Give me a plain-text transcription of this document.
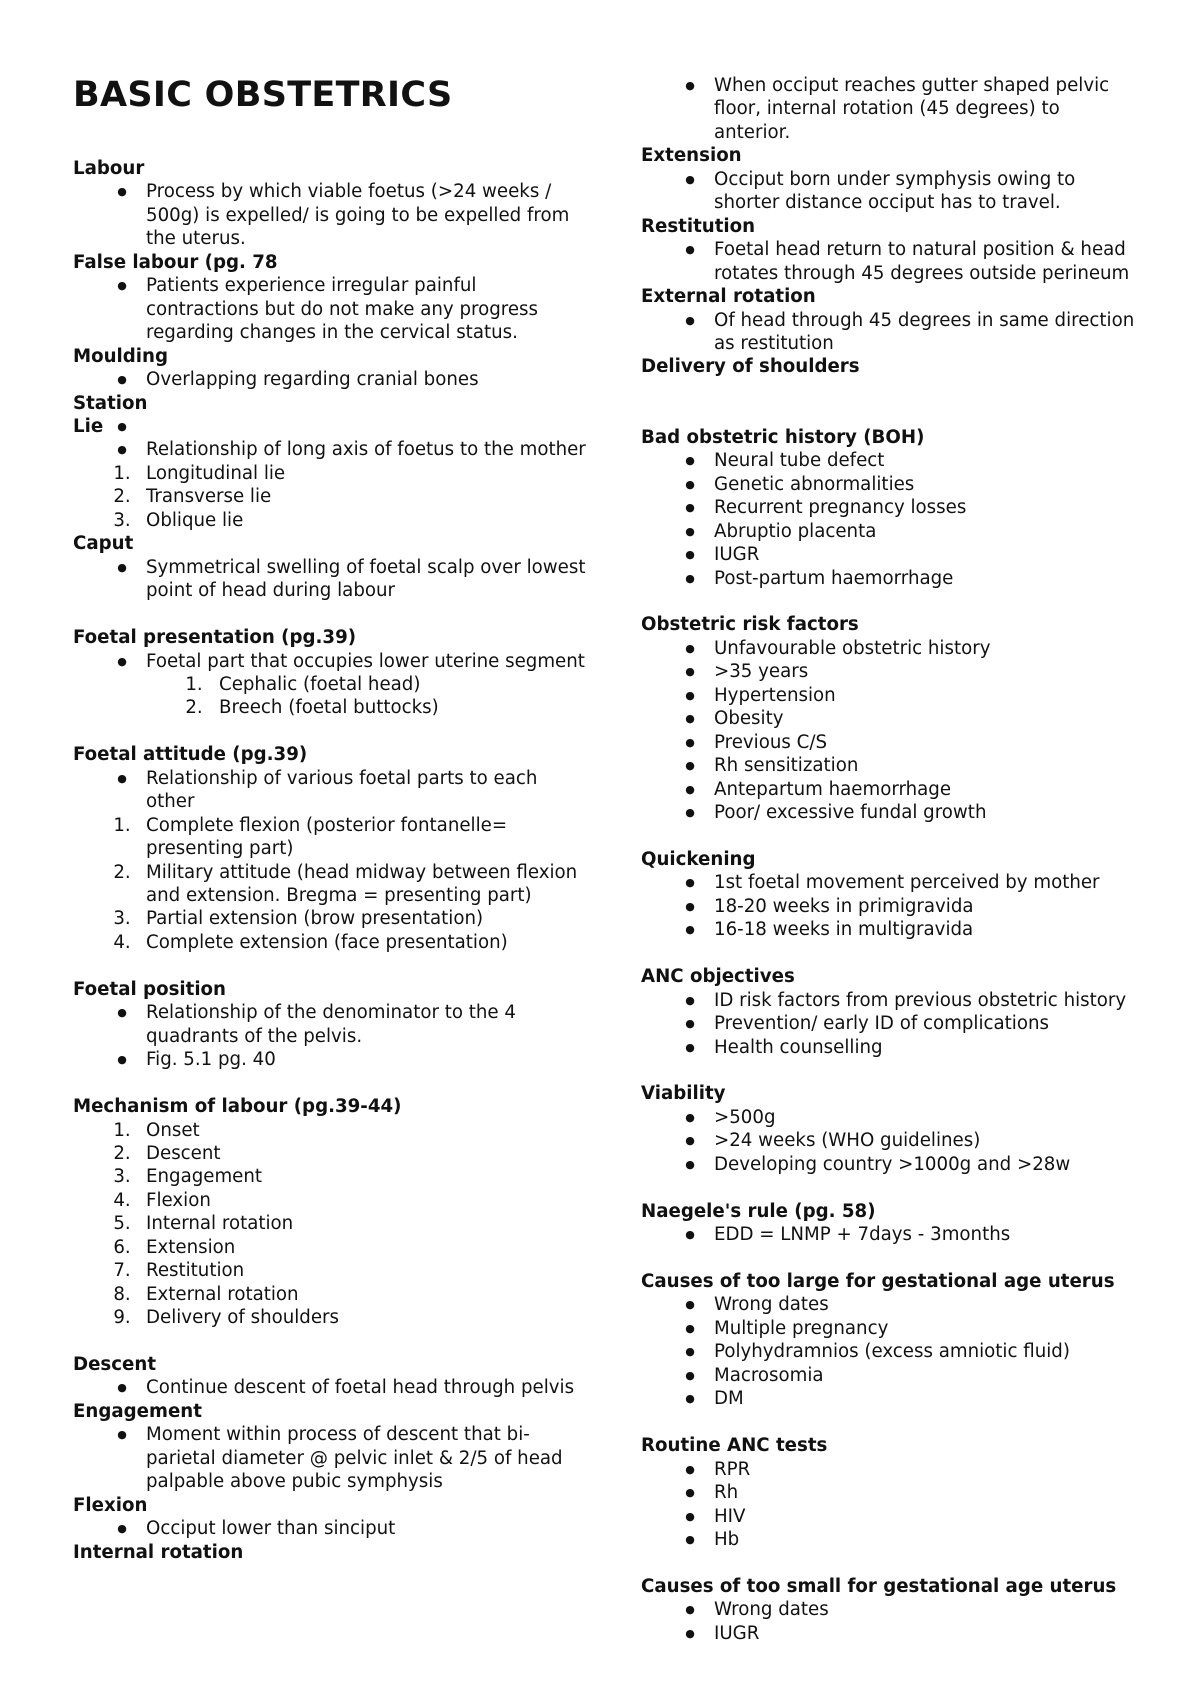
BASIC OBSTETRICS
Labour
●	Process by which viable foetus (>24 weeks / 500g) is expelled/ is going to be expelled from the uterus.
False labour (pg. 78
●	Patients experience irregular painful contractions but do not make any progress regarding changes in the cervical status.
Moulding
●	Overlapping regarding cranial bones
Station
●
Lie
●	Relationship of long axis of foetus to the mother
1. Longitudinal lie
2. Transverse lie
3. Oblique lie
Caput
●	Symmetrical swelling of foetal scalp over lowest point of head during labour
Foetal presentation (pg.39)
●	Foetal part that occupies lower uterine segment
1. Cephalic (foetal head)
2. Breech (foetal buttocks)
Foetal attitude (pg.39)
●	Relationship of various foetal parts to each other
1. Complete flexion (posterior fontanelle= presenting part)
2. Military attitude (head midway between flexion and extension. Bregma = presenting part)
3. Partial extension (brow presentation)
4. Complete extension (face presentation)
Foetal position
●	Relationship of the denominator to the 4 quadrants of the pelvis.
●	Fig. 5.1 pg. 40
Mechanism of labour (pg.39-44)
1. Onset
2. Descent
3. Engagement
4. Flexion
5. Internal rotation
6. Extension
7. Restitution
8. External rotation
9. Delivery of shoulders
Descent
●	Continue descent of foetal head through pelvis
Engagement
●	Moment within process of descent that bi-parietal diameter @ pelvic inlet & 2/5 of head palpable above pubic symphysis
Flexion
●	Occiput lower than sinciput
Internal rotation
●	When occiput reaches gutter shaped pelvic floor, internal rotation (45 degrees) to anterior.
Extension
●	Occiput born under symphysis owing to shorter distance occiput has to travel.
Restitution
●	Foetal head return to natural position & head rotates through 45 degrees outside perineum
External rotation
●	Of head through 45 degrees in same direction as restitution
Delivery of shoulders
Bad obstetric history (BOH)
●	Neural tube defect
●	Genetic abnormalities
●	Recurrent pregnancy losses
●	Abruptio placenta
●	IUGR
●	Post-partum haemorrhage
Obstetric risk factors
●	Unfavourable obstetric history
●	>35 years
●	Hypertension
●	Obesity
●	Previous C/S
●	Rh sensitization
●	Antepartum haemorrhage
●	Poor/ excessive fundal growth
Quickening
●	1st foetal movement perceived by mother
●	18-20 weeks in primigravida
●	16-18 weeks in multigravida
ANC objectives
●	ID risk factors from previous obstetric history
●	Prevention/ early ID of complications
●	Health counselling
Viability
●	>500g
●	>24 weeks (WHO guidelines)
●	Developing country >1000g and >28w
Naegele's rule (pg. 58)
●	EDD = LNMP + 7days - 3months
Causes of too large for gestational age uterus
●	Wrong dates
●	Multiple pregnancy
●	Polyhydramnios (excess amniotic fluid)
●	Macrosomia
●	DM
Routine ANC tests
●	RPR
●	Rh
●	HIV
●	Hb
Causes of too small for gestational age uterus
●	Wrong dates
●	IUGR
